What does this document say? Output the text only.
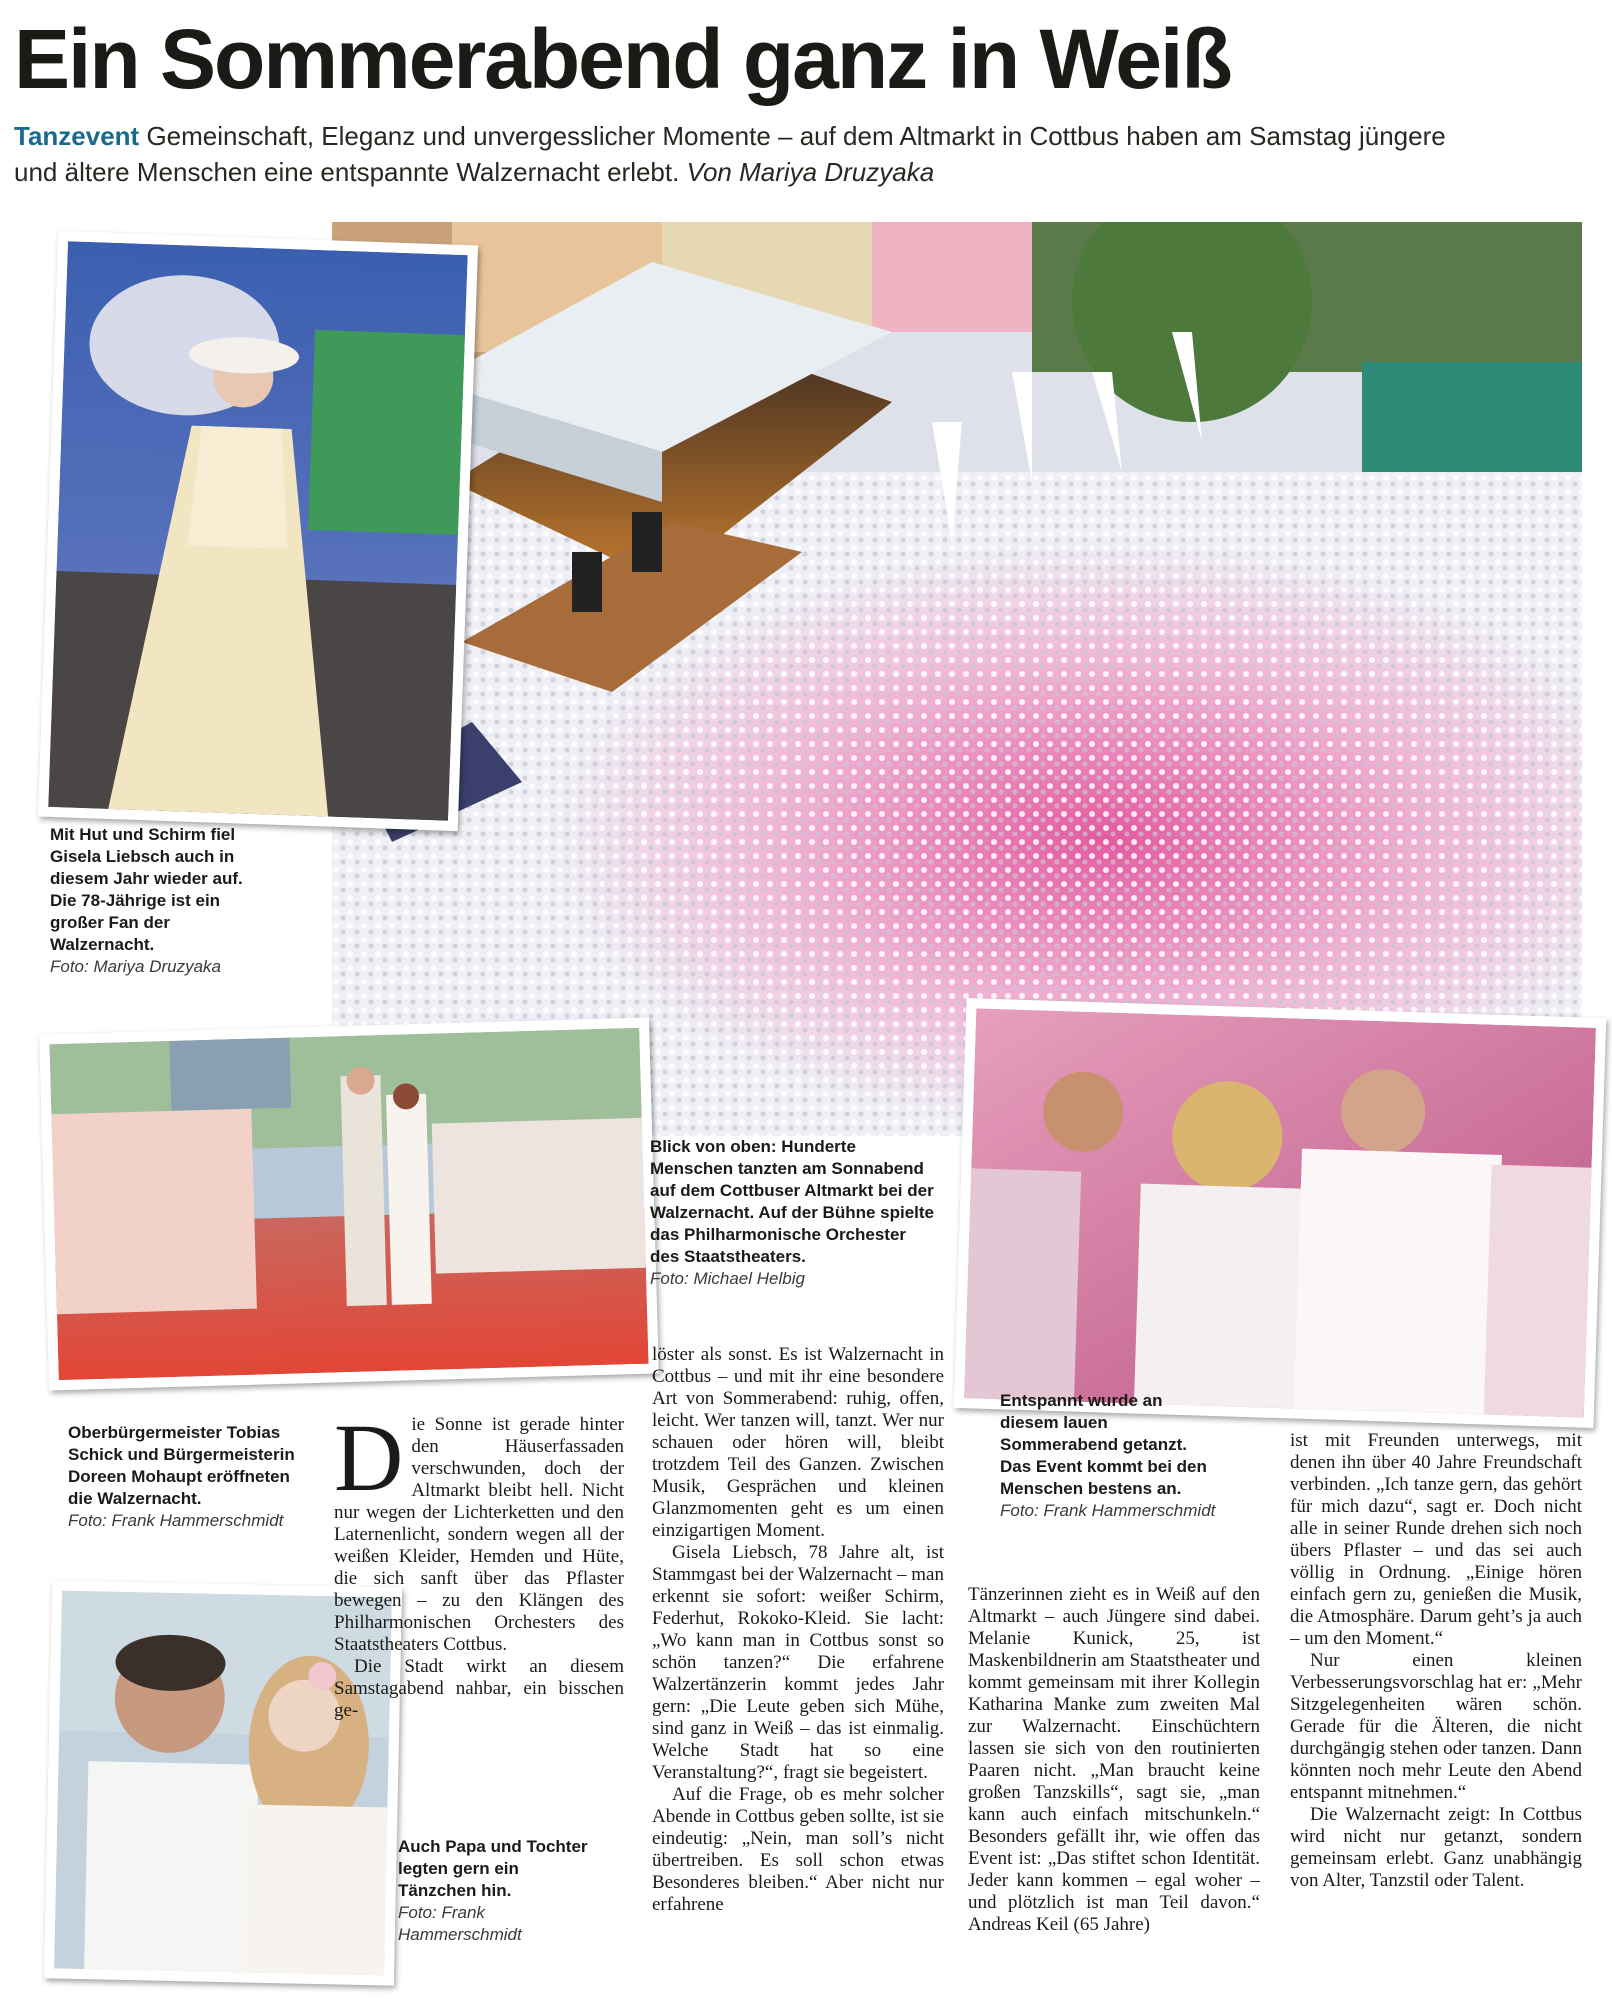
Ein Sommerabend ganz in Weiß

Tanzevent Gemeinschaft, Eleganz und unvergesslicher Momente – auf dem Altmarkt in Cottbus haben am Samstag jüngere und ältere Menschen eine entspannte Walzernacht erlebt. Von Mariya Druzyaka

Mit Hut und Schirm fiel Gisela Liebsch auch in diesem Jahr wieder auf. Die 78-Jährige ist ein großer Fan der Walzernacht.
Foto: Mariya Druzyaka
Blick von oben: Hunderte Menschen tanzten am Sonnabend auf dem Cottbuser Altmarkt bei der Walzernacht. Auf der Bühne spielte das Philharmonische Orchester des Staatstheaters.
Foto: Michael Helbig
Entspannt wurde an diesem lauen Sommerabend getanzt. Das Event kommt bei den Menschen bestens an.
Foto: Frank Hammerschmidt
Oberbürgermeister Tobias Schick und Bürgermeisterin Doreen Mohaupt eröffneten die Walzernacht.
Foto: Frank Hammerschmidt
Auch Papa und Tochter legten gern ein Tänzchen hin.
Foto: Frank Hammerschmidt

Die Sonne ist gerade hinter den Häuserfassaden verschwunden, doch der Altmarkt bleibt hell. Nicht nur wegen der Lichterketten und den Laternenlicht, sondern wegen all der weißen Kleider, Hemden und Hüte, die sich sanft über das Pflaster bewegen – zu den Klängen des Philharmonischen Orchesters des Staatstheaters Cottbus.

Die Stadt wirkt an diesem Samstagabend nahbar, ein bisschen ge-

löster als sonst. Es ist Walzernacht in Cottbus – und mit ihr eine besondere Art von Sommerabend: ruhig, offen, leicht. Wer tanzen will, tanzt. Wer nur schauen oder hören will, bleibt trotzdem Teil des Ganzen. Zwischen Musik, Gesprächen und kleinen Glanzmomenten geht es um einen einzigartigen Moment.

Gisela Liebsch, 78 Jahre alt, ist Stammgast bei der Walzernacht – man erkennt sie sofort: weißer Schirm, Federhut, Rokoko-Kleid. Sie lacht: „Wo kann man in Cottbus sonst so schön tanzen?“ Die erfahrene Walzertänzerin kommt jedes Jahr gern: „Die Leute geben sich Mühe, sind ganz in Weiß – das ist einmalig. Welche Stadt hat so eine Veranstaltung?“, fragt sie begeistert.

Auf die Frage, ob es mehr solcher Abende in Cottbus geben sollte, ist sie eindeutig: „Nein, man soll’s nicht übertreiben. Es soll schon etwas Besonderes bleiben.“ Aber nicht nur erfahrene

Tänzerinnen zieht es in Weiß auf den Altmarkt – auch Jüngere sind dabei. Melanie Kunick, 25, ist Maskenbildnerin am Staatstheater und kommt gemeinsam mit ihrer Kollegin Katharina Manke zum zweiten Mal zur Walzernacht. Einschüchtern lassen sie sich von den routinierten Paaren nicht. „Man braucht keine großen Tanzskills“, sagt sie, „man kann auch einfach mitschunkeln.“ Besonders gefällt ihr, wie offen das Event ist: „Das stiftet schon Identität. Jeder kann kommen – egal woher – und plötzlich ist man Teil davon.“ Andreas Keil (65 Jahre)

ist mit Freunden unterwegs, mit denen ihn über 40 Jahre Freundschaft verbinden. „Ich tanze gern, das gehört für mich dazu“, sagt er. Doch nicht alle in seiner Runde drehen sich noch übers Pflaster – und das sei auch völlig in Ordnung. „Einige hören einfach gern zu, genießen die Musik, die Atmosphäre. Darum geht’s ja auch – um den Moment.“

Nur einen kleinen Verbesserungsvorschlag hat er: „Mehr Sitzgelegenheiten wären schön. Gerade für die Älteren, die nicht durchgängig stehen oder tanzen. Dann könnten noch mehr Leute den Abend entspannt mitnehmen.“

Die Walzernacht zeigt: In Cottbus wird nicht nur getanzt, sondern gemeinsam erlebt. Ganz unabhängig von Alter, Tanzstil oder Talent.
